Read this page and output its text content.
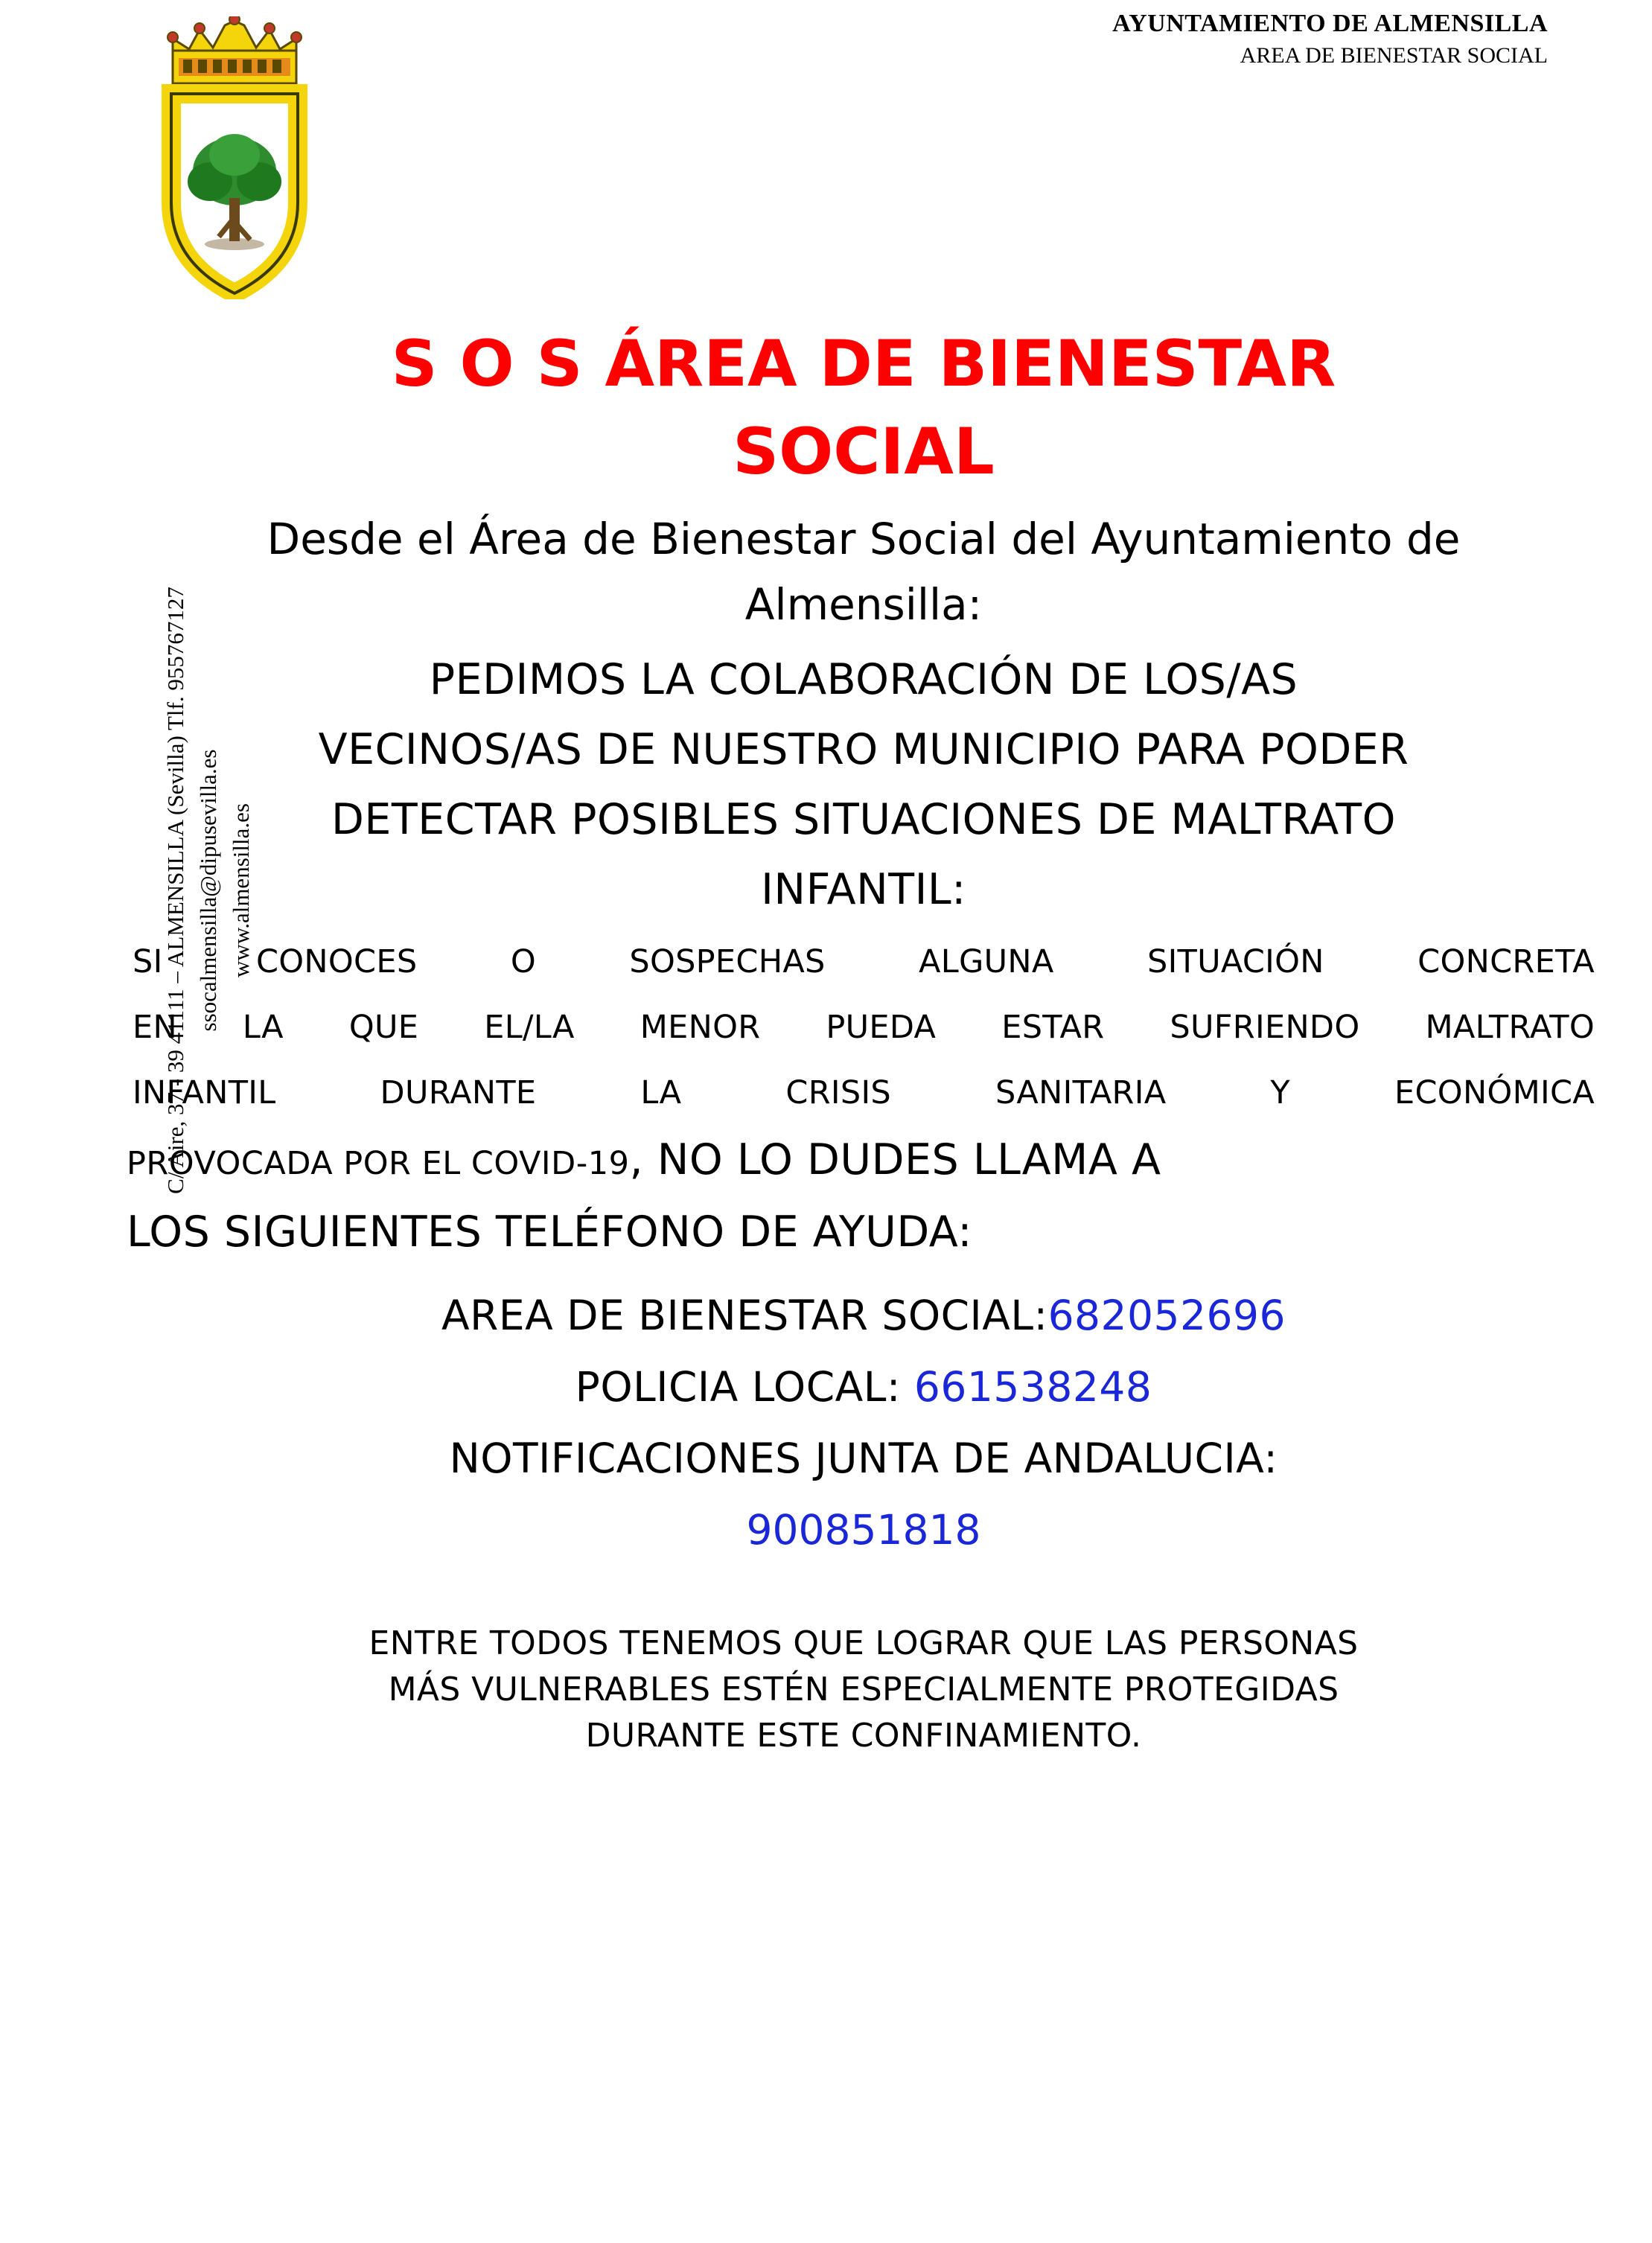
AYUNTAMIENTO DE ALMENSILLA
AREA DE BIENESTAR SOCIAL
C/ Aire, 37 - 39 41111 – ALMENSILLA (Sevilla) Tlf. 955767127 ssocalmensilla@dipusevilla.es www.almensilla.es
S O S ÁREA DE BIENESTAR
SOCIAL

Desde el Área de Bienestar Social del Ayuntamiento de Almensilla:

PEDIMOS LA COLABORACIÓN DE LOS/AS
VECINOS/AS DE NUESTRO MUNICIPIO PARA PODER
DETECTAR POSIBLES SITUACIONES DE MALTRATO
INFANTIL:
SI CONOCES O SOSPECHAS ALGUNA SITUACIÓN CONCRETA
EN LA QUE EL/LA MENOR PUEDA ESTAR SUFRIENDO MALTRATO
INFANTIL DURANTE LA CRISIS SANITARIA Y ECONÓMICA
PROVOCADA POR EL COVID-19, NO LO DUDES LLAMA A
LOS SIGUIENTES TELÉFONO DE AYUDA:
AREA DE BIENESTAR SOCIAL:682052696
POLICIA LOCAL: 661538248
NOTIFICACIONES JUNTA DE ANDALUCIA:
900851818
ENTRE TODOS TENEMOS QUE LOGRAR QUE LAS PERSONAS
MÁS VULNERABLES ESTÉN ESPECIALMENTE PROTEGIDAS
DURANTE ESTE CONFINAMIENTO.
